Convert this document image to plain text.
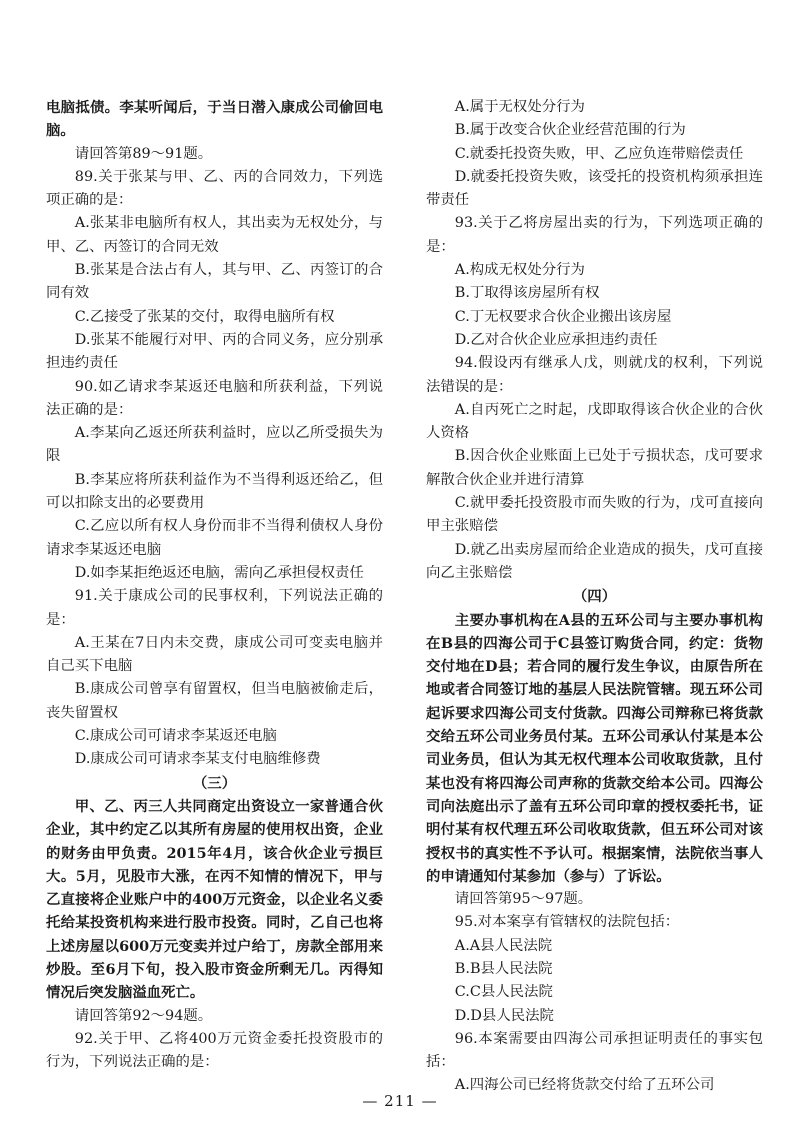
电脑抵债。李某听闻后，于当日潜入康成公司偷回电脑。

请回答第89～91题。

89.关于张某与甲、乙、丙的合同效力，下列选项正确的是：

A.张某非电脑所有权人，其出卖为无权处分，与甲、乙、丙签订的合同无效

B.张某是合法占有人，其与甲、乙、丙签订的合同有效

C.乙接受了张某的交付，取得电脑所有权

D.张某不能履行对甲、丙的合同义务，应分别承担违约责任

90.如乙请求李某返还电脑和所获利益，下列说法正确的是：

A.李某向乙返还所获利益时，应以乙所受损失为限

B.李某应将所获利益作为不当得利返还给乙，但可以扣除支出的必要费用

C.乙应以所有权人身份而非不当得利债权人身份请求李某返还电脑

D.如李某拒绝返还电脑，需向乙承担侵权责任

91.关于康成公司的民事权利，下列说法正确的是：

A.王某在7日内未交费，康成公司可变卖电脑并自己买下电脑

B.康成公司曾享有留置权，但当电脑被偷走后，丧失留置权

C.康成公司可请求李某返还电脑

D.康成公司可请求李某支付电脑维修费

（三）

甲、乙、丙三人共同商定出资设立一家普通合伙企业，其中约定乙以其所有房屋的使用权出资，企业的财务由甲负责。2015年4月，该合伙企业亏损巨大。5月，见股市大涨，在丙不知情的情况下，甲与乙直接将企业账户中的400万元资金，以企业名义委托给某投资机构来进行股市投资。同时，乙自己也将上述房屋以600万元变卖并过户给丁，房款全部用来炒股。至6月下旬，投入股市资金所剩无几。丙得知情况后突发脑溢血死亡。

请回答第92～94题。

92.关于甲、乙将400万元资金委托投资股市的行为，下列说法正确的是：

A.属于无权处分行为

B.属于改变合伙企业经营范围的行为

C.就委托投资失败，甲、乙应负连带赔偿责任

D.就委托投资失败，该受托的投资机构须承担连带责任

93.关于乙将房屋出卖的行为，下列选项正确的是：

A.构成无权处分行为

B.丁取得该房屋所有权

C.丁无权要求合伙企业搬出该房屋

D.乙对合伙企业应承担违约责任

94.假设丙有继承人戊，则就戊的权利，下列说法错误的是：

A.自丙死亡之时起，戊即取得该合伙企业的合伙人资格

B.因合伙企业账面上已处于亏损状态，戊可要求解散合伙企业并进行清算

C.就甲委托投资股市而失败的行为，戊可直接向甲主张赔偿

D.就乙出卖房屋而给企业造成的损失，戊可直接向乙主张赔偿

（四）

主要办事机构在A县的五环公司与主要办事机构在B县的四海公司于C县签订购货合同，约定：货物交付地在D县；若合同的履行发生争议，由原告所在地或者合同签订地的基层人民法院管辖。现五环公司起诉要求四海公司支付货款。四海公司辩称已将货款交给五环公司业务员付某。五环公司承认付某是本公司业务员，但认为其无权代理本公司收取货款，且付某也没有将四海公司声称的货款交给本公司。四海公司向法庭出示了盖有五环公司印章的授权委托书，证明付某有权代理五环公司收取货款，但五环公司对该授权书的真实性不予认可。根据案情，法院依当事人的申请通知付某参加（参与）了诉讼。

请回答第95～97题。

95.对本案享有管辖权的法院包括：

A.A县人民法院

B.B县人民法院

C.C县人民法院

D.D县人民法院

96.本案需要由四海公司承担证明责任的事实包括：

A.四海公司已经将货款交付给了五环公司

— 211 —
